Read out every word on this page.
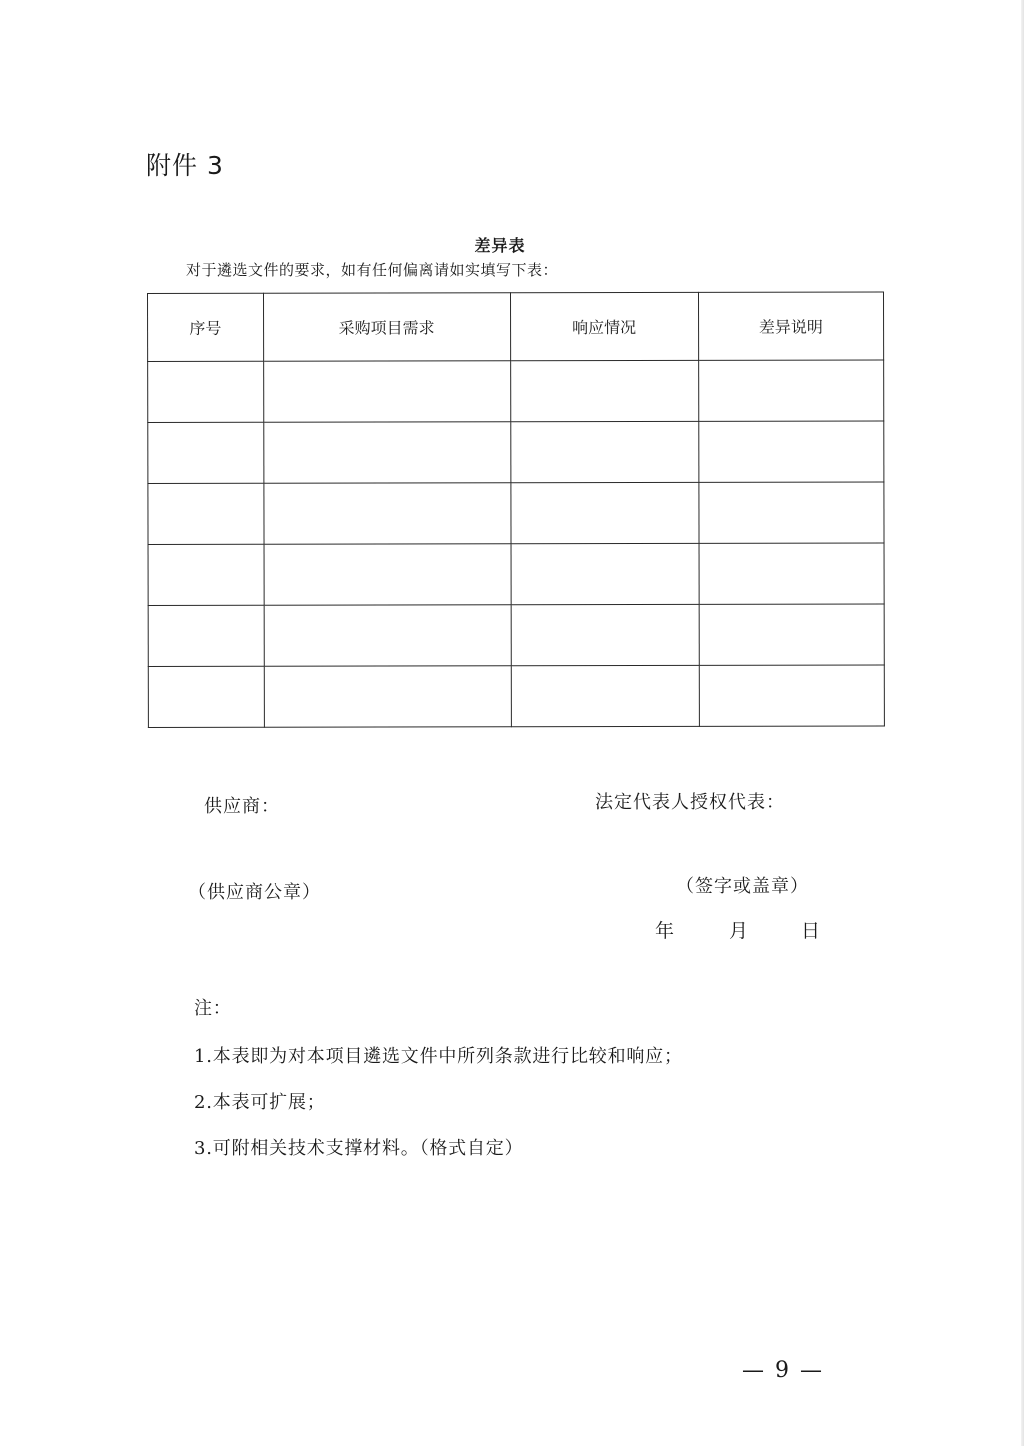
附件 3
差异表
对于遴选文件的要求，如有任何偏离请如实填写下表：
序号	采购项目需求	响应情况	差异说明

供应商：	法定代表人授权代表：
（供应商公章）	（签字或盖章）
年	月	日
注：
1.本表即为对本项目遴选文件中所列条款进行比较和响应；
2.本表可扩展；
3.可附相关技术支撑材料。（格式自定）
— 9 —
